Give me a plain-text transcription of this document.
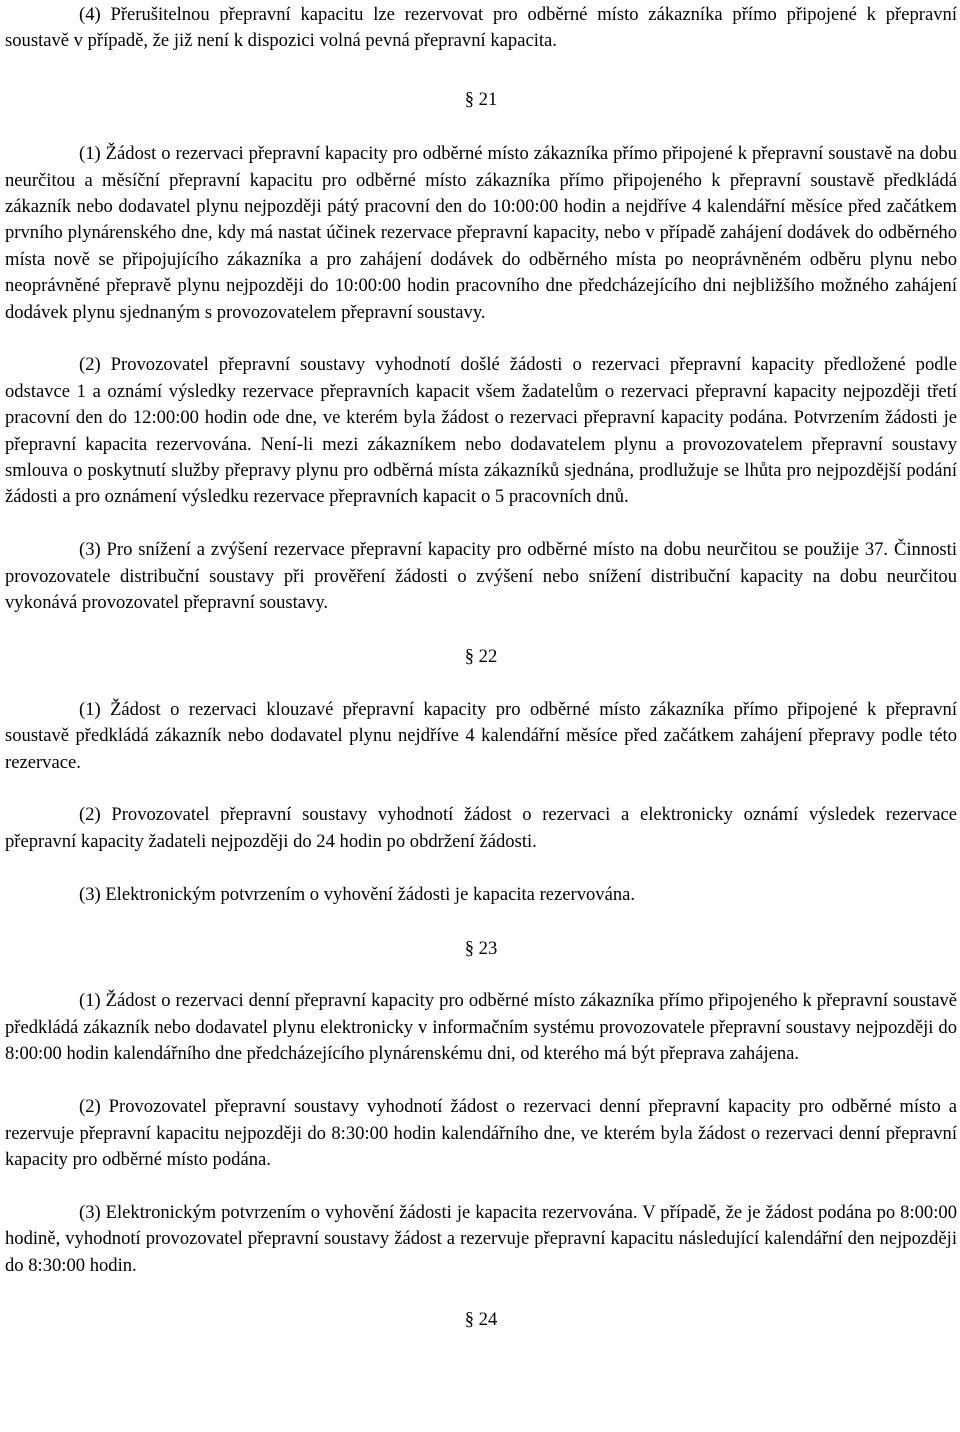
(4) Přerušitelnou přepravní kapacitu lze rezervovat pro odběrné místo zákazníka přímo připojené k přepravní soustavě v případě, že již není k dispozici volná pevná přepravní kapacita.

§ 21

(1) Žádost o rezervaci přepravní kapacity pro odběrné místo zákazníka přímo připojené k přepravní soustavě na dobu neurčitou a měsíční přepravní kapacitu pro odběrné místo zákazníka přímo připojeného k přepravní soustavě předkládá zákazník nebo dodavatel plynu nejpozději pátý pracovní den do 10:00:00 hodin a nejdříve 4 kalendářní měsíce před začátkem prvního plynárenského dne, kdy má nastat účinek rezervace přepravní kapacity, nebo v případě zahájení dodávek do odběrného místa nově se připojujícího zákazníka a pro zahájení dodávek do odběrného místa po neoprávněném odběru plynu nebo neoprávněné přepravě plynu nejpozději do 10:00:00 hodin pracovního dne předcházejícího dni nejbližšího možného zahájení dodávek plynu sjednaným s provozovatelem přepravní soustavy.

(2) Provozovatel přepravní soustavy vyhodnotí došlé žádosti o rezervaci přepravní kapacity předložené podle odstavce 1 a oznámí výsledky rezervace přepravních kapacit všem žadatelům o rezervaci přepravní kapacity nejpozději třetí pracovní den do 12:00:00 hodin ode dne, ve kterém byla žádost o rezervaci přepravní kapacity podána. Potvrzením žádosti je přepravní kapacita rezervována. Není-li mezi zákazníkem nebo dodavatelem plynu a provozovatelem přepravní soustavy smlouva o poskytnutí služby přepravy plynu pro odběrná místa zákazníků sjednána, prodlužuje se lhůta pro nejpozdější podání žádosti a pro oznámení výsledku rezervace přepravních kapacit o 5 pracovních dnů.

(3) Pro snížení a zvýšení rezervace přepravní kapacity pro odběrné místo na dobu neurčitou se použije 37. Činnosti provozovatele distribuční soustavy při prověření žádosti o zvýšení nebo snížení distribuční kapacity na dobu neurčitou vykonává provozovatel přepravní soustavy.

§ 22

(1) Žádost o rezervaci klouzavé přepravní kapacity pro odběrné místo zákazníka přímo připojené k přepravní soustavě předkládá zákazník nebo dodavatel plynu nejdříve 4 kalendářní měsíce před začátkem zahájení přepravy podle této rezervace.

(2) Provozovatel přepravní soustavy vyhodnotí žádost o rezervaci a elektronicky oznámí výsledek rezervace přepravní kapacity žadateli nejpozději do 24 hodin po obdržení žádosti.

(3) Elektronickým potvrzením o vyhovění žádosti je kapacita rezervována.

§ 23

(1) Žádost o rezervaci denní přepravní kapacity pro odběrné místo zákazníka přímo připojeného k přepravní soustavě předkládá zákazník nebo dodavatel plynu elektronicky v informačním systému provozovatele přepravní soustavy nejpozději do 8:00:00 hodin kalendářního dne předcházejícího plynárenskému dni, od kterého má být přeprava zahájena.

(2) Provozovatel přepravní soustavy vyhodnotí žádost o rezervaci denní přepravní kapacity pro odběrné místo a rezervuje přepravní kapacitu nejpozději do 8:30:00 hodin kalendářního dne, ve kterém byla žádost o rezervaci denní přepravní kapacity pro odběrné místo podána.

(3) Elektronickým potvrzením o vyhovění žádosti je kapacita rezervována. V případě, že je žádost podána po 8:00:00 hodině, vyhodnotí provozovatel přepravní soustavy žádost a rezervuje přepravní kapacitu následující kalendářní den nejpozději do 8:30:00 hodin.

§ 24
